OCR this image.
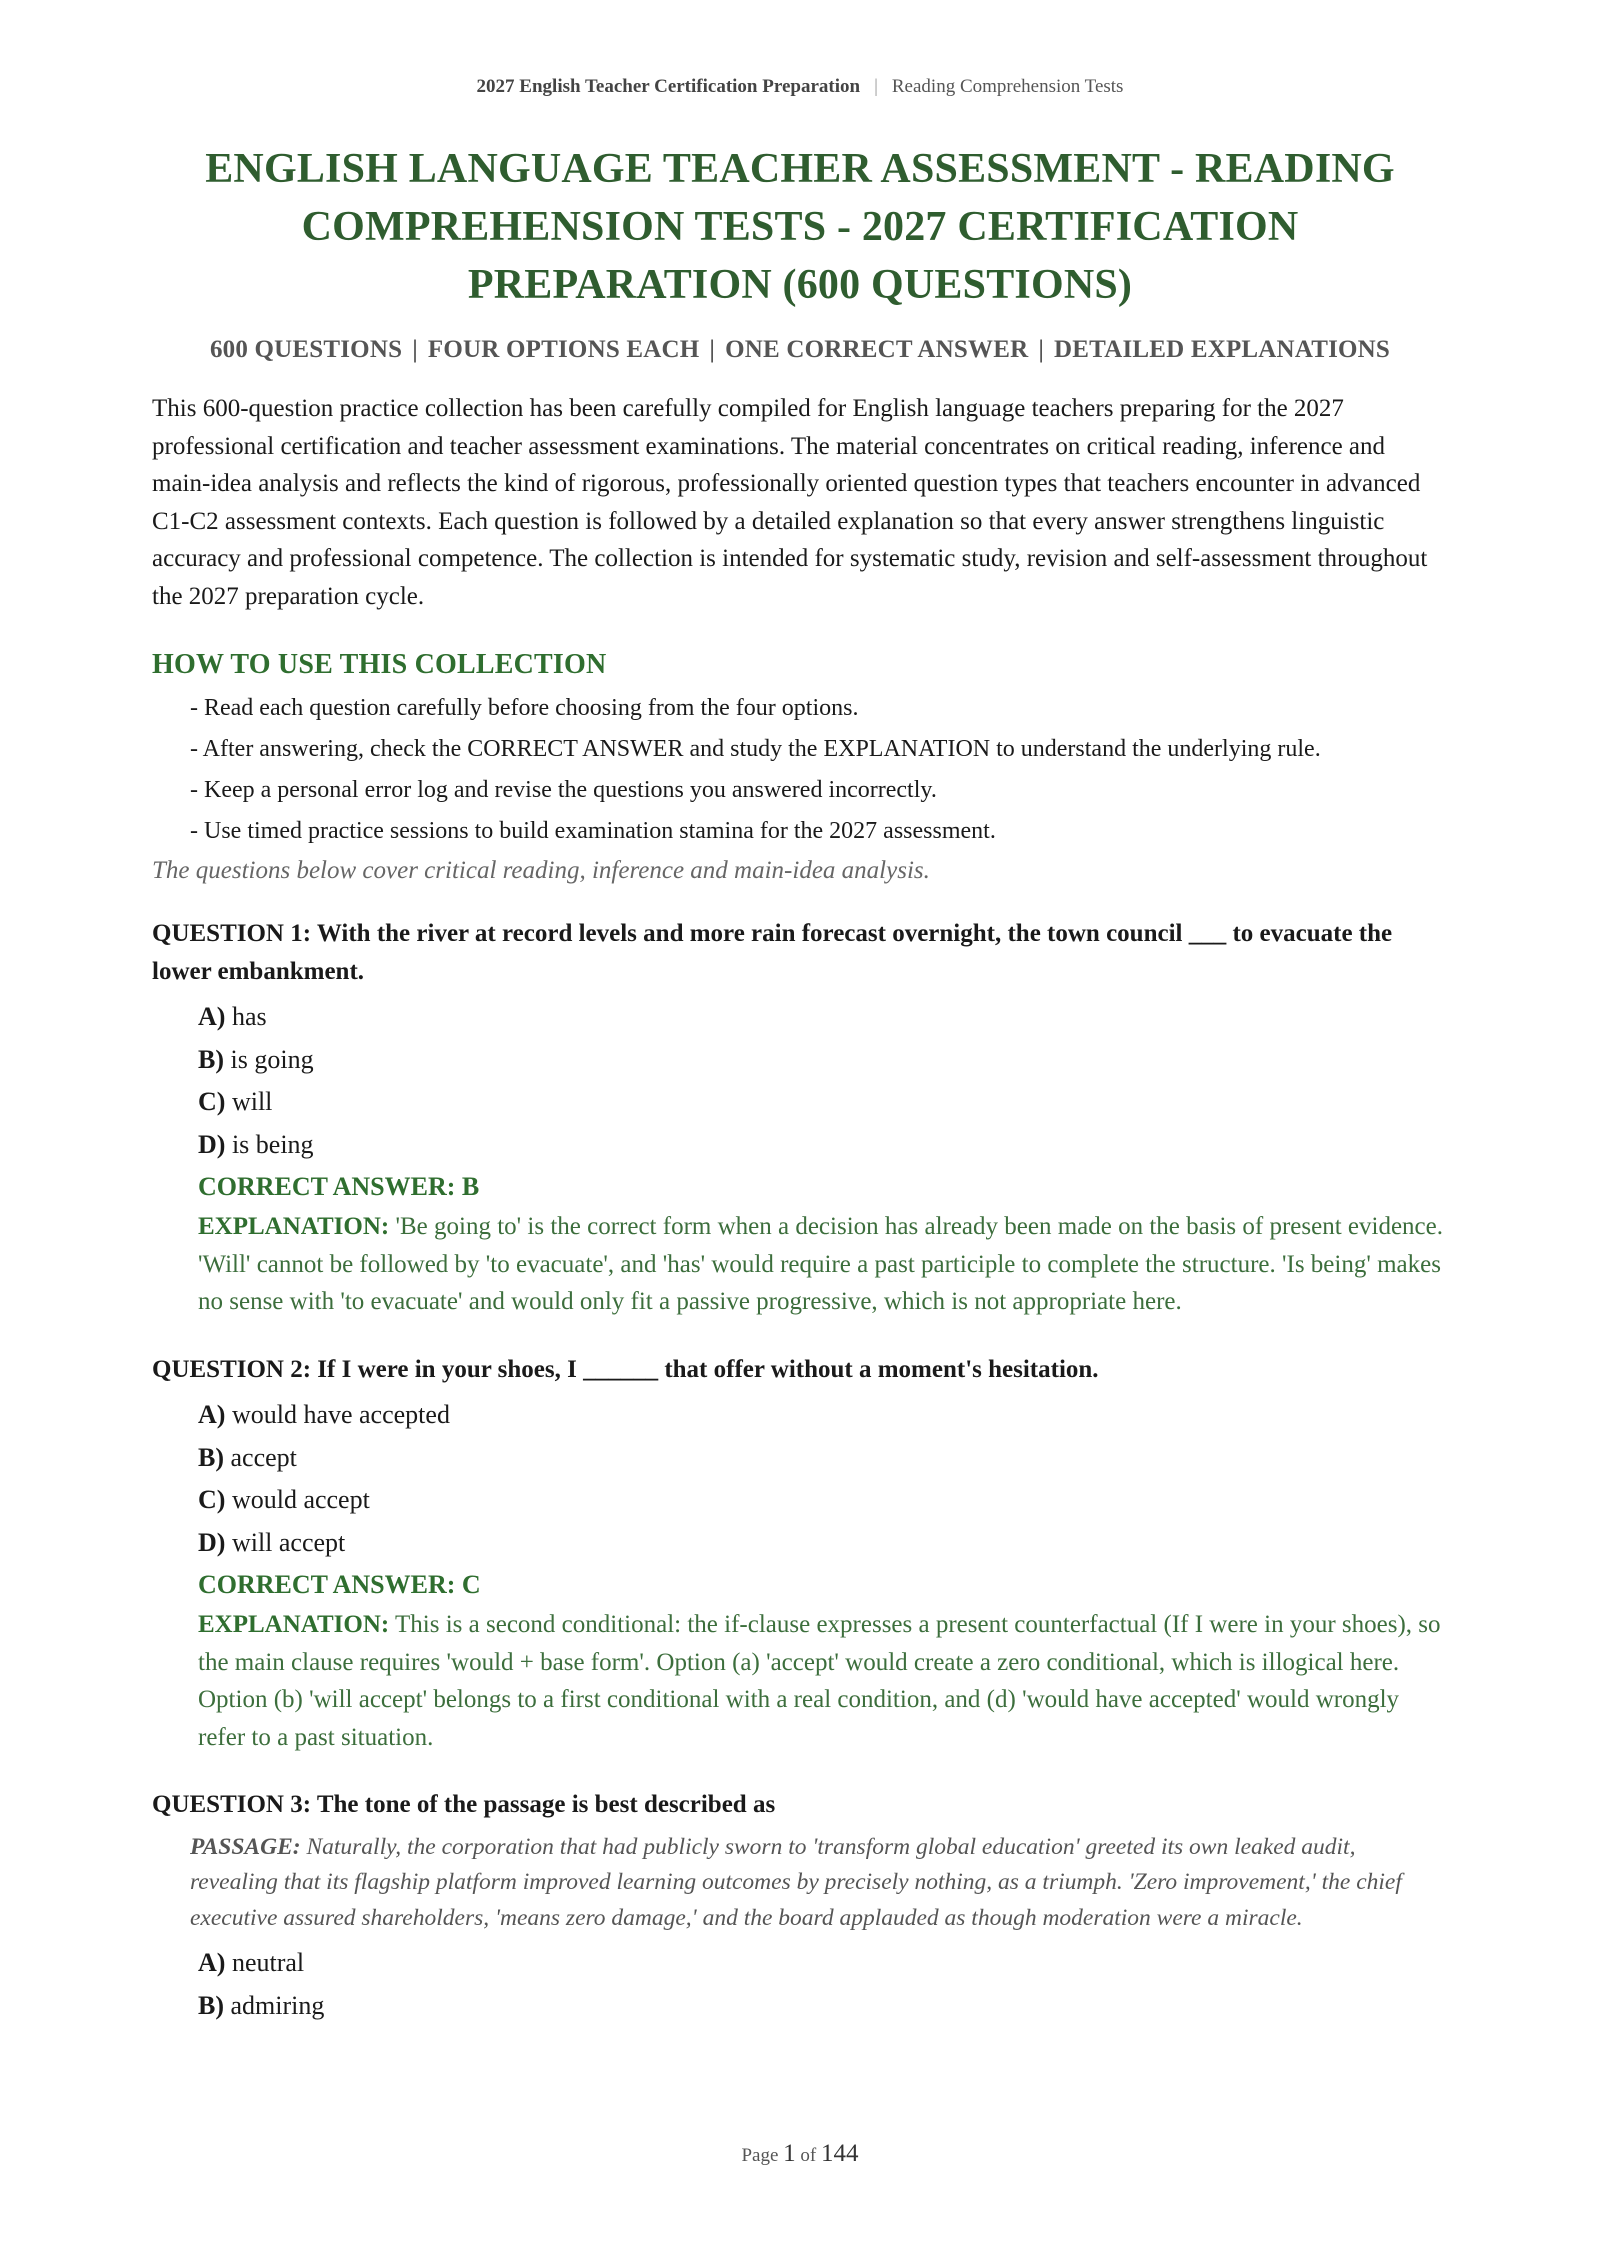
2027 English Teacher Certification Preparation | Reading Comprehension Tests
ENGLISH LANGUAGE TEACHER ASSESSMENT - READING COMPREHENSION TESTS - 2027 CERTIFICATION PREPARATION (600 QUESTIONS)
600 QUESTIONS | FOUR OPTIONS EACH | ONE CORRECT ANSWER | DETAILED EXPLANATIONS

This 600-question practice collection has been carefully compiled for English language teachers preparing for the 2027 professional certification and teacher assessment examinations. The material concentrates on critical reading, inference and main-idea analysis and reflects the kind of rigorous, professionally oriented question types that teachers encounter in advanced C1-C2 assessment contexts. Each question is followed by a detailed explanation so that every answer strengthens linguistic accuracy and professional competence. The collection is intended for systematic study, revision and self-assessment throughout the 2027 preparation cycle.

HOW TO USE THIS COLLECTION
- Read each question carefully before choosing from the four options.
- After answering, check the CORRECT ANSWER and study the EXPLANATION to understand the underlying rule.
- Keep a personal error log and revise the questions you answered incorrectly.
- Use timed practice sessions to build examination stamina for the 2027 assessment.
The questions below cover critical reading, inference and main-idea analysis.
QUESTION 1: With the river at record levels and more rain forecast overnight, the town council ___ to evacuate the lower embankment.
A) has
B) is going
C) will
D) is being
CORRECT ANSWER: B
EXPLANATION: 'Be going to' is the correct form when a decision has already been made on the basis of present evidence. 'Will' cannot be followed by 'to evacuate', and 'has' would require a past participle to complete the structure. 'Is being' makes no sense with 'to evacuate' and would only fit a passive progressive, which is not appropriate here.
QUESTION 2: If I were in your shoes, I ______ that offer without a moment's hesitation.
A) would have accepted
B) accept
C) would accept
D) will accept
CORRECT ANSWER: C
EXPLANATION: This is a second conditional: the if-clause expresses a present counterfactual (If I were in your shoes), so the main clause requires 'would + base form'. Option (a) 'accept' would create a zero conditional, which is illogical here. Option (b) 'will accept' belongs to a first conditional with a real condition, and (d) 'would have accepted' would wrongly refer to a past situation.
QUESTION 3: The tone of the passage is best described as
PASSAGE: Naturally, the corporation that had publicly sworn to 'transform global education' greeted its own leaked audit, revealing that its flagship platform improved learning outcomes by precisely nothing, as a triumph. 'Zero improvement,' the chief executive assured shareholders, 'means zero damage,' and the board applauded as though moderation were a miracle.
A) neutral
B) admiring
Page 1 of 144
